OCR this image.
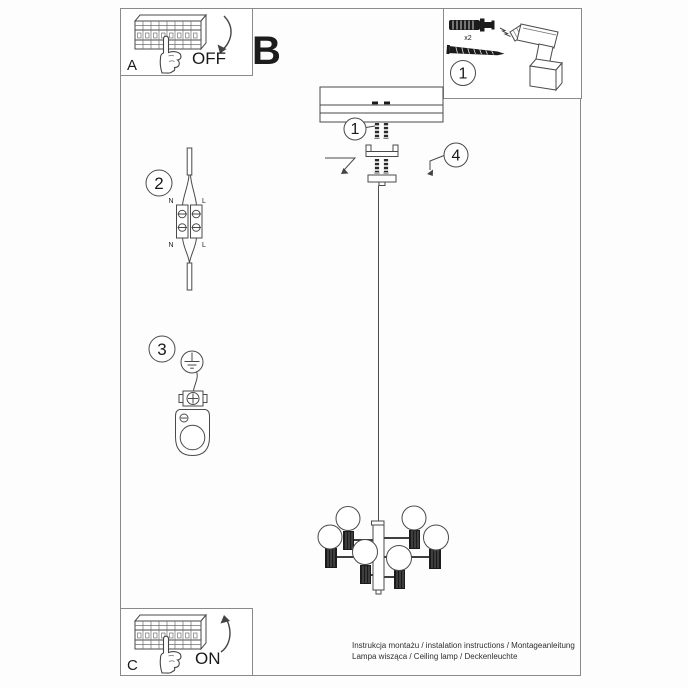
OFF
A	B	x2
1
1
4
2
N	L
N	L
3
ON
C
Instrukcja montażu / instalation instructions / Montageanleitung
Lampa wisząca / Ceiling lamp / Deckenleuchte
